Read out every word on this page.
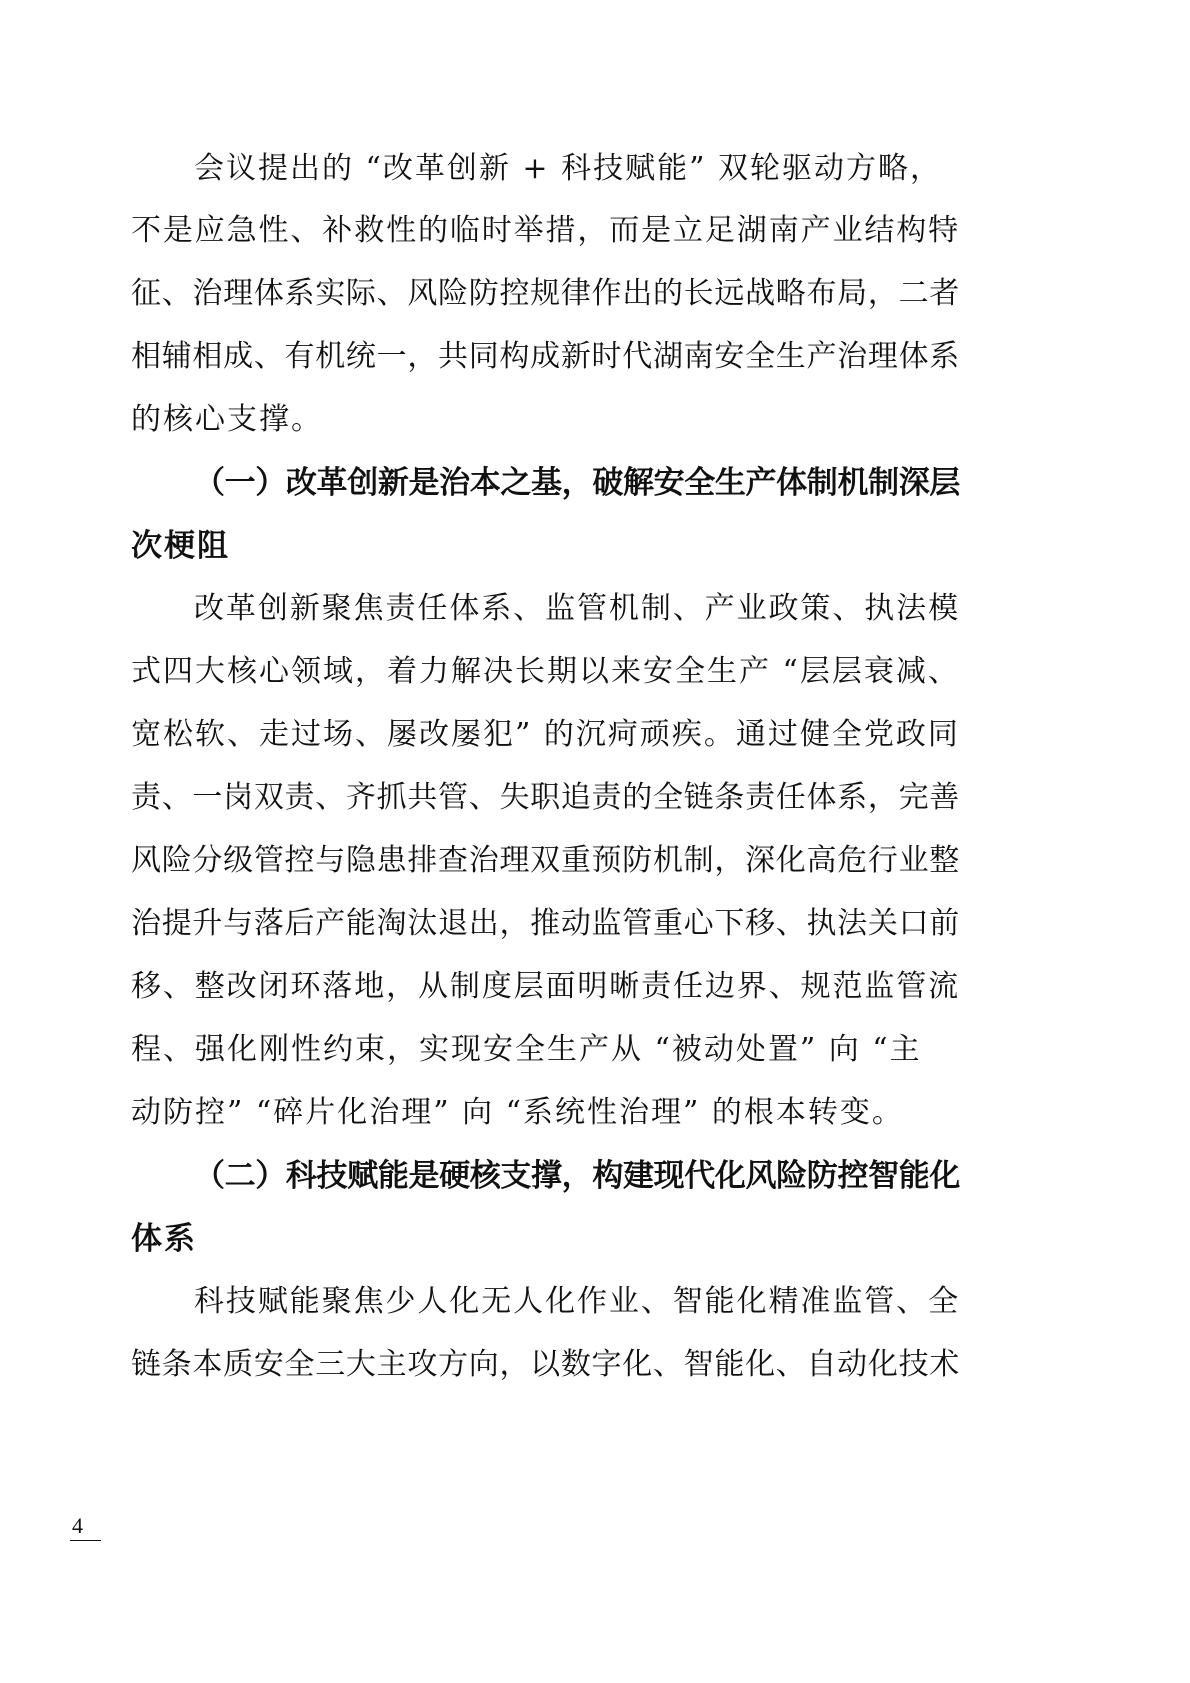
会议提出的 “改革创新 + 科技赋能” 双轮驱动方略，
不是应急性、补救性的临时举措，而是立足湖南产业结构特
征、治理体系实际、风险防控规律作出的长远战略布局，二者
相辅相成、有机统一，共同构成新时代湖南安全生产治理体系
的核心支撑。
（一）改革创新是治本之基，破解安全生产体制机制深层
次梗阻
改革创新聚焦责任体系、监管机制、产业政策、执法模
式四大核心领域，着力解决长期以来安全生产 “层层衰减、
宽松软、走过场、屡改屡犯” 的沉疴顽疾。通过健全党政同
责、一岗双责、齐抓共管、失职追责的全链条责任体系，完善
风险分级管控与隐患排查治理双重预防机制，深化高危行业整
治提升与落后产能淘汰退出，推动监管重心下移、执法关口前
移、整改闭环落地，从制度层面明晰责任边界、规范监管流
程、强化刚性约束，实现安全生产从 “被动处置” 向 “主
动防控” “碎片化治理” 向 “系统性治理” 的根本转变。
（二）科技赋能是硬核支撑，构建现代化风险防控智能化
体系
科技赋能聚焦少人化无人化作业、智能化精准监管、全
链条本质安全三大主攻方向，以数字化、智能化、自动化技术
4
